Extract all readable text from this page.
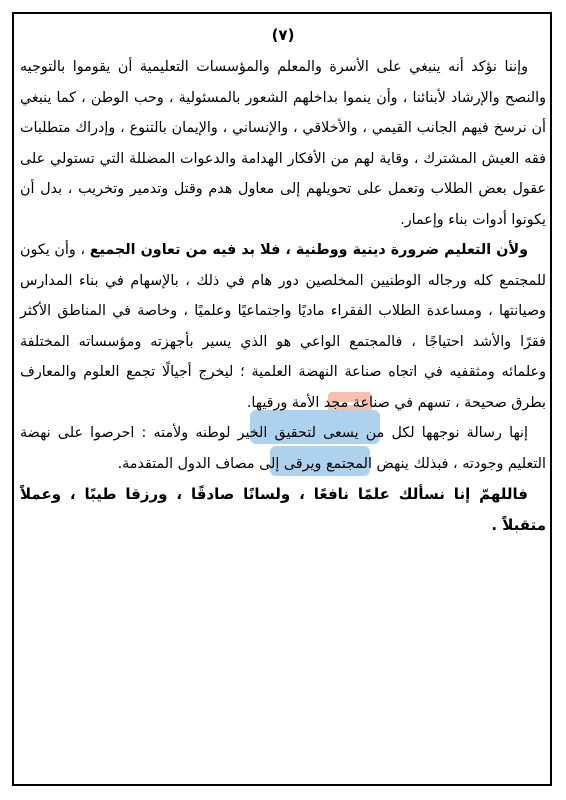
(٧)

وإننا نؤكد أنه ينبغي على الأسرة والمعلم والمؤسسات التعليمية أن يقوموا بالتوجيه والنصح والإرشاد لأبنائنا ، وأن ينموا بداخلهم الشعور بالمسئولية ، وحب الوطن ، كما ينبغي أن نرسخ فيهم الجانب القيمي ، والأخلاقي ، والإنساني ، والإيمان بالتنوع ، وإدراك متطلبات فقه العيش المشترك ، وقاية لهم من الأفكار الهدامة والدعوات المضللة التي تستولي على عقول بعض الطلاب وتعمل على تحويلهم إلى معاول هدم وقتل وتدمير وتخريب ، بدل أن يكونوا أدوات بناء وإعمار.

ولأن التعليم ضرورة دينية ووطنية ، فلا بد فيه من تعاون الجميع ، وأن يكون للمجتمع كله ورجاله الوطنيين المخلصين دور هام في ذلك ، بالإسهام في بناء المدارس وصيانتها ، ومساعدة الطلاب الفقراء ماديًا واجتماعيًا وعلميًا ، وخاصة في المناطق الأكثر فقرًا والأشد احتياجًا ، فالمجتمع الواعي هو الذي يسير بأجهزته ومؤسساته المختلفة وعلمائه ومثقفيه في اتجاه صناعة النهضة العلمية ؛ ليخرج أجيالًا تجمع العلوم والمعارف بطرق صحيحة ، تسهم في صناعة مجد الأمة ورقيها.

إنها رسالة نوجهها لكل من يسعى لتحقيق الخير لوطنه ولأمته : احرصوا على نهضة التعليم وجودته ، فبذلك ينهض المجتمع ويرقى إلى مصاف الدول المتقدمة.

فاللهمّ إنا نسألك علمًا نافعًا ، ولسانًا صادقًا ، ورزقا طيبًا ، وعملاً متقبلاً .
